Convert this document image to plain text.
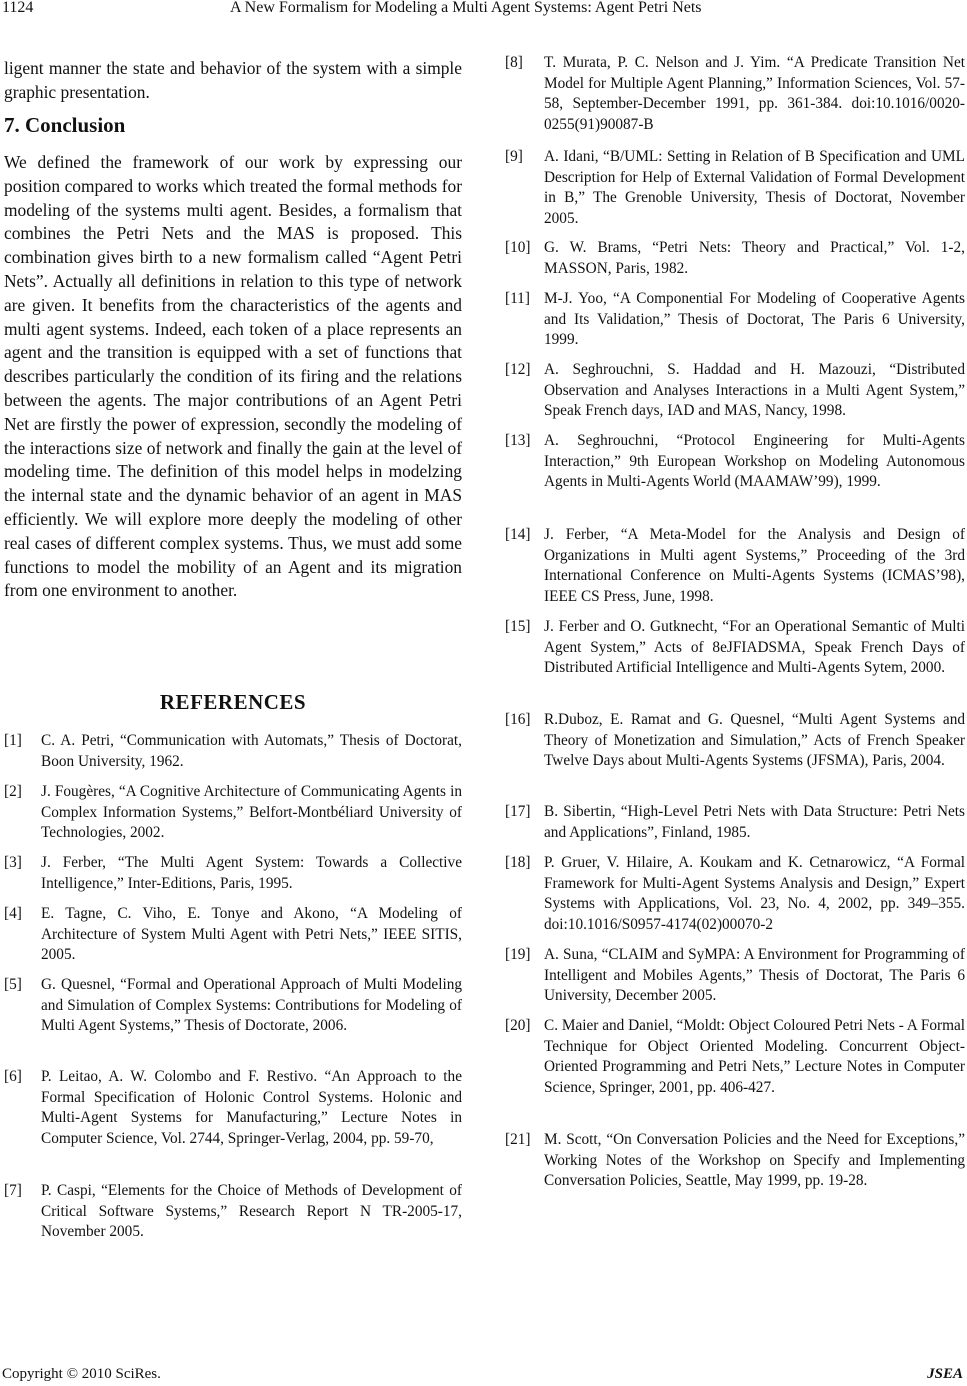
1124	A New Formalism for Modeling a Multi Agent Systems: Agent Petri Nets
ligent manner the state and behavior of the system with a simple graphic presentation.
7. Conclusion
We defined the framework of our work by expressing our position compared to works which treated the formal methods for modeling of the systems multi agent. Besides, a formalism that combines the Petri Nets and the MAS is proposed. This combination gives birth to a new formalism called “Agent Petri Nets”. Actually all definitions in relation to this type of network are given. It benefits from the characteristics of the agents and multi agent systems. Indeed, each token of a place represents an agent and the transition is equipped with a set of functions that describes particularly the condition of its firing and the relations between the agents. The major contributions of an Agent Petri Net are firstly the power of expression, secondly the modeling of the interactions size of network and finally the gain at the level of modeling time. The definition of this model helps in modelzing the internal state and the dynamic behavior of an agent in MAS efficiently. We will explore more deeply the modeling of other real cases of different complex systems. Thus, we must add some functions to model the mobility of an Agent and its migration from one environment to another.
REFERENCES
[1] C. A. Petri, “Communication with Automats,” Thesis of Doctorat, Boon University, 1962.
[2] J. Fougères, “A Cognitive Architecture of Communicating Agents in Complex Information Systems,” Belfort-Montbéliard University of Technologies, 2002.
[3] J. Ferber, “The Multi Agent System: Towards a Collective Intelligence,” Inter-Editions, Paris, 1995.
[4] E. Tagne, C. Viho, E. Tonye and Akono, “A Modeling of Architecture of System Multi Agent with Petri Nets,” IEEE SITIS, 2005.
[5] G. Quesnel, “Formal and Operational Approach of Multi Modeling and Simulation of Complex Systems: Contributions for Modeling of Multi Agent Systems,” Thesis of Doctorate, 2006.
[6] P. Leitao, A. W. Colombo and F. Restivo. “An Approach to the Formal Specification of Holonic Control Systems. Holonic and Multi-Agent Systems for Manufacturing,” Lecture Notes in Computer Science, Vol. 2744, Springer-Verlag, 2004, pp. 59-70,
[7] P. Caspi, “Elements for the Choice of Methods of Development of Critical Software Systems,” Research Report N TR-2005-17, November 2005.
[8] T. Murata, P. C. Nelson and J. Yim. “A Predicate Transition Net Model for Multiple Agent Planning,” Information Sciences, Vol. 57-58, September-December 1991, pp. 361-384. doi:10.1016/0020-0255(91)90087-B
[9] A. Idani, “B/UML: Setting in Relation of B Specification and UML Description for Help of External Validation of Formal Development in B,” The Grenoble University, Thesis of Doctorat, November 2005.
[10] G. W. Brams, “Petri Nets: Theory and Practical,” Vol. 1-2, MASSON, Paris, 1982.
[11] M-J. Yoo, “A Componential For Modeling of Cooperative Agents and Its Validation,” Thesis of Doctorat, The Paris 6 University, 1999.
[12] A. Seghrouchni, S. Haddad and H. Mazouzi, “Distributed Observation and Analyses Interactions in a Multi Agent System,” Speak French days, IAD and MAS, Nancy, 1998.
[13] A. Seghrouchni, “Protocol Engineering for Multi-Agents Interaction,” 9th European Workshop on Modeling Autonomous Agents in Multi-Agents World (MAAMAW’99), 1999.
[14] J. Ferber, “A Meta-Model for the Analysis and Design of Organizations in Multi agent Systems,” Proceeding of the 3rd International Conference on Multi-Agents Systems (ICMAS’98), IEEE CS Press, June, 1998.
[15] J. Ferber and O. Gutknecht, “For an Operational Semantic of Multi Agent System,” Acts of 8eJFIADSMA, Speak French Days of Distributed Artificial Intelligence and Multi-Agents Sytem, 2000.
[16] R.Duboz, E. Ramat and G. Quesnel, “Multi Agent Systems and Theory of Monetization and Simulation,” Acts of French Speaker Twelve Days about Multi-Agents Systems (JFSMA), Paris, 2004.
[17] B. Sibertin, “High-Level Petri Nets with Data Structure: Petri Nets and Applications”, Finland, 1985.
[18] P. Gruer, V. Hilaire, A. Koukam and K. Cetnarowicz, “A Formal Framework for Multi-Agent Systems Analysis and Design,” Expert Systems with Applications, Vol. 23, No. 4, 2002, pp. 349–355. doi:10.1016/S0957-4174(02)00070-2
[19] A. Suna, “CLAIM and SyMPA: A Environment for Programming of Intelligent and Mobiles Agents,” Thesis of Doctorat, The Paris 6 University, December 2005.
[20] C. Maier and Daniel, “Moldt: Object Coloured Petri Nets - A Formal Technique for Object Oriented Modeling. Concurrent Object-Oriented Programming and Petri Nets,” Lecture Notes in Computer Science, Springer, 2001, pp. 406-427.
[21] M. Scott, “On Conversation Policies and the Need for Exceptions,” Working Notes of the Workshop on Specify and Implementing Conversation Policies, Seattle, May 1999, pp. 19-28.
Copyright © 2010 SciRes.	JSEA
